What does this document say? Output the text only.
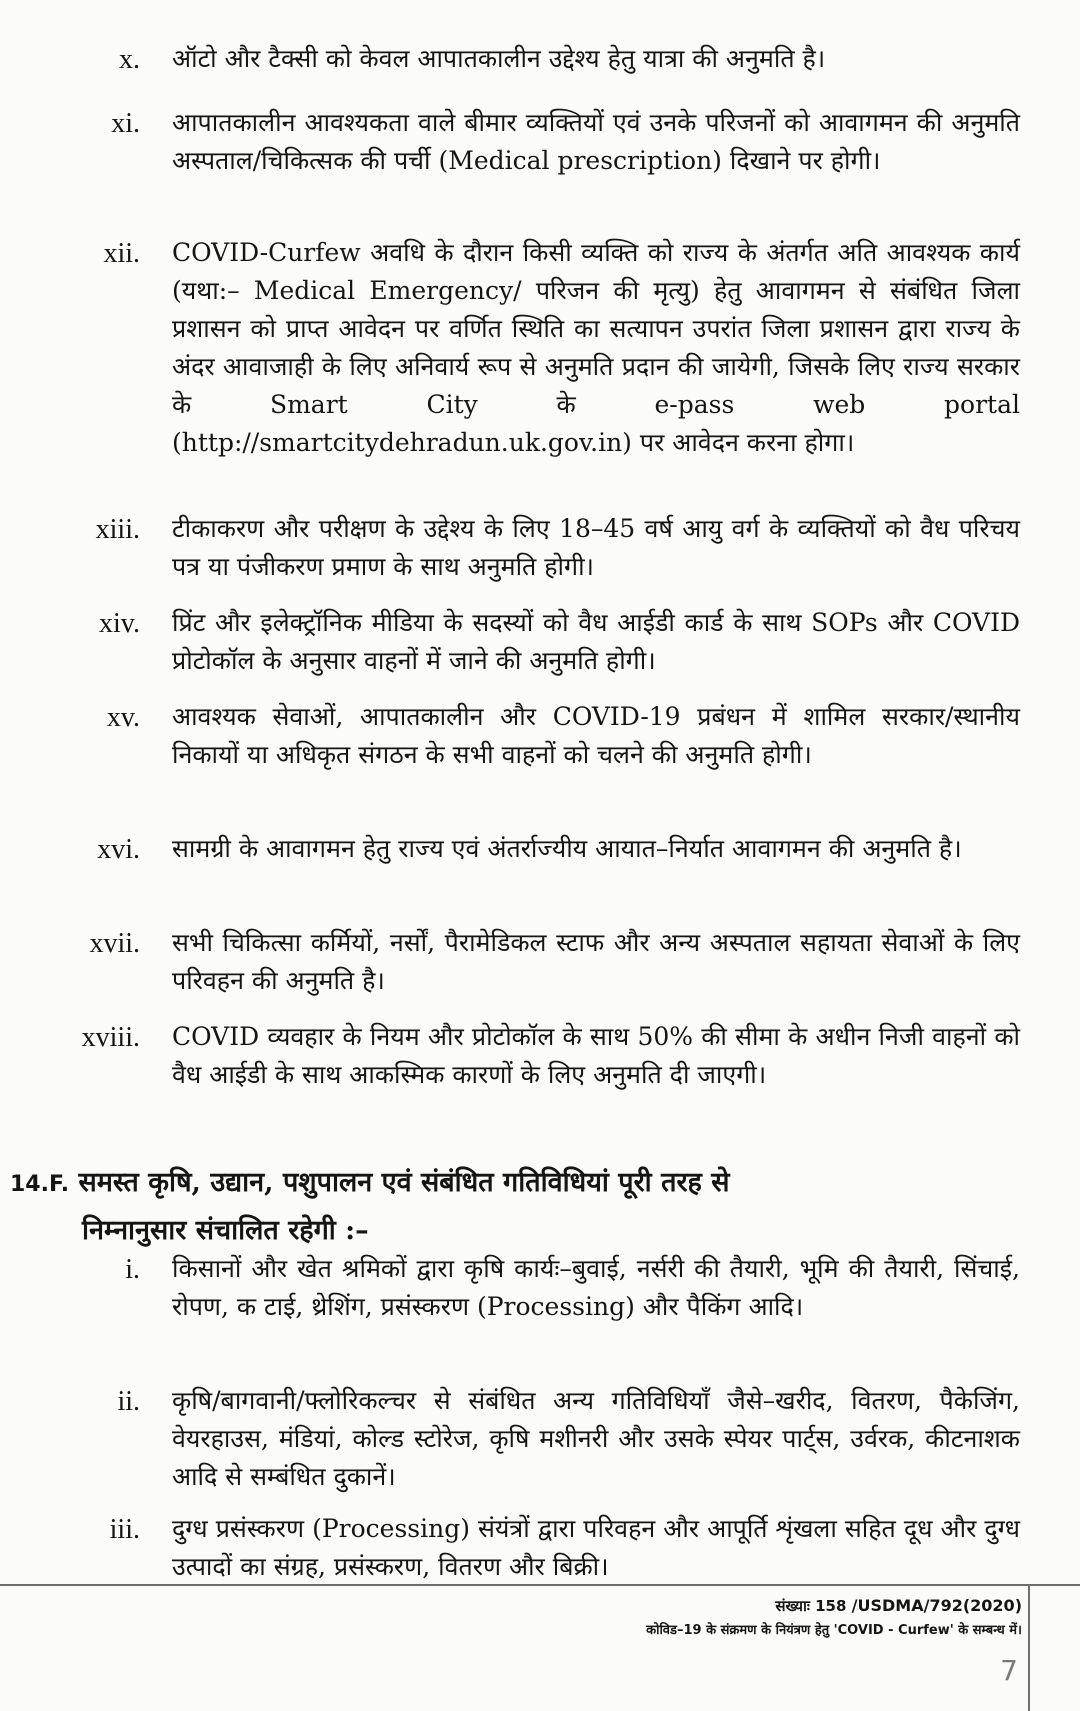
x. ऑटो और टैक्सी को केवल आपातकालीन उद्देश्य हेतु यात्रा की अनुमति है।
xi. आपातकालीन आवश्यकता वाले बीमार व्यक्तियों एवं उनके परिजनों को आवागमन की अनुमति अस्पताल/चिकित्सक की पर्ची (Medical prescription) दिखाने पर होगी।
xii. COVID-Curfew अवधि के दौरान किसी व्यक्ति को राज्य के अंतर्गत अति आवश्यक कार्य (यथा:– Medical Emergency/ परिजन की मृत्यु) हेतु आवागमन से संबंधित जिला प्रशासन को प्राप्त आवेदन पर वर्णित स्थिति का सत्यापन उपरांत जिला प्रशासन द्वारा राज्य के अंदर आवाजाही के लिए अनिवार्य रूप से अनुमति प्रदान की जायेगी, जिसके लिए राज्य सरकार के Smart City के e-pass web portal (http://smartcitydehradun.uk.gov.in) पर आवेदन करना होगा।
xiii. टीकाकरण और परीक्षण के उद्देश्य के लिए 18–45 वर्ष आयु वर्ग के व्यक्तियों को वैध परिचय पत्र या पंजीकरण प्रमाण के साथ अनुमति होगी।
xiv. प्रिंट और इलेक्ट्रॉनिक मीडिया के सदस्यों को वैध आईडी कार्ड के साथ SOPs और COVID प्रोटोकॉल के अनुसार वाहनों में जाने की अनुमति होगी।
xv. आवश्यक सेवाओं, आपातकालीन और COVID-19 प्रबंधन में शामिल सरकार/स्थानीय निकायों या अधिकृत संगठन के सभी वाहनों को चलने की अनुमति होगी।
xvi. सामग्री के आवागमन हेतु राज्य एवं अंतर्राज्यीय आयात–निर्यात आवागमन की अनुमति है।
xvii. सभी चिकित्सा कर्मियों, नर्सों, पैरामेडिकल स्टाफ और अन्य अस्पताल सहायता सेवाओं के लिए परिवहन की अनुमति है।
xviii. COVID व्यवहार के नियम और प्रोटोकॉल के साथ 50% की सीमा के अधीन निजी वाहनों को वैध आईडी के साथ आकस्मिक कारणों के लिए अनुमति दी जाएगी।
14.F. समस्त कृषि, उद्यान, पशुपालन एवं संबंधित गतिविधियां पूरी तरह से
निम्नानुसार संचालित रहेगी :–
i. किसानों और खेत श्रमिकों द्वारा कृषि कार्यः–बुवाई, नर्सरी की तैयारी, भूमि की तैयारी, सिंचाई, रोपण, क टाई, थ्रेशिंग, प्रसंस्करण (Processing) और पैकिंग आदि।
ii. कृषि/बागवानी/फ्लोरिकल्चर से संबंधित अन्य गतिविधियाँ जैसे–खरीद, वितरण, पैकेजिंग, वेयरहाउस, मंडियां, कोल्ड स्टोरेज, कृषि मशीनरी और उसके स्पेयर पार्ट्स, उर्वरक, कीटनाशक आदि से सम्बंधित दुकानें।
iii. दुग्ध प्रसंस्करण (Processing) संयंत्रों द्वारा परिवहन और आपूर्ति शृंखला सहित दूध और दुग्ध उत्पादों का संग्रह, प्रसंस्करण, वितरण और बिक्री।
संख्याः 158 /USDMA/792(2020)
कोविड–19 के संक्रमण के नियंत्रण हेतु 'COVID - Curfew' के सम्बन्ध में।
7
